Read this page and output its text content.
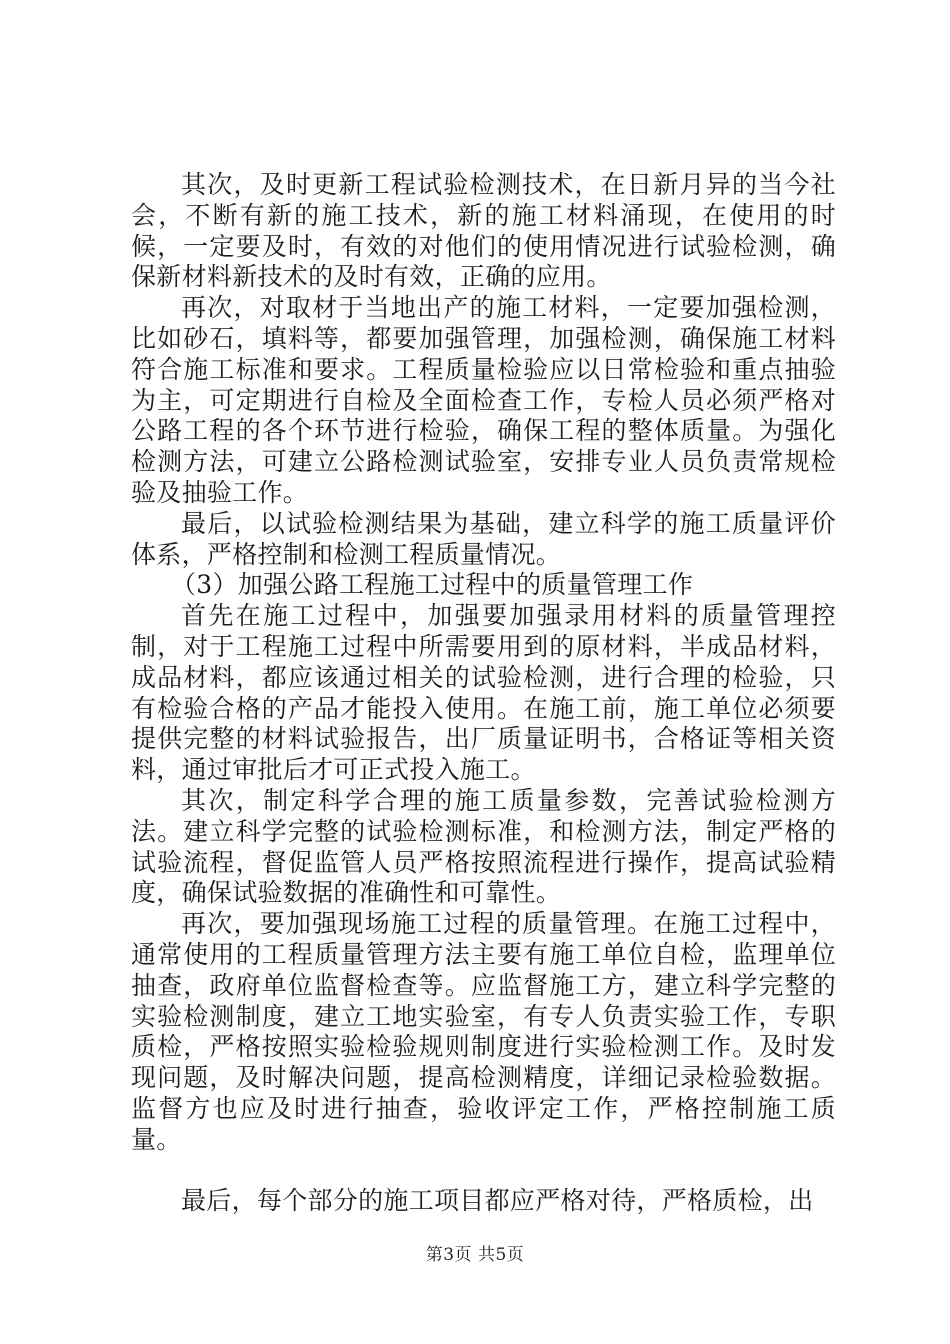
其次，及时更新工程试验检测技术，在日新月异的当今社会，不断有新的施工技术，新的施工材料涌现，在使用的时候，一定要及时，有效的对他们的使用情况进行试验检测，确保新材料新技术的及时有效，正确的应用。

再次，对取材于当地出产的施工材料，一定要加强检测，比如砂石，填料等，都要加强管理，加强检测，确保施工材料符合施工标准和要求。工程质量检验应以日常检验和重点抽验为主，可定期进行自检及全面检查工作，专检人员必须严格对公路工程的各个环节进行检验，确保工程的整体质量。为强化检测方法，可建立公路检测试验室，安排专业人员负责常规检验及抽验工作。

最后，以试验检测结果为基础，建立科学的施工质量评价体系，严格控制和检测工程质量情况。

（3）加强公路工程施工过程中的质量管理工作

首先在施工过程中，加强要加强录用材料的质量管理控制，对于工程施工过程中所需要用到的原材料，半成品材料，成品材料，都应该通过相关的试验检测，进行合理的检验，只有检验合格的产品才能投入使用。在施工前，施工单位必须要提供完整的材料试验报告，出厂质量证明书，合格证等相关资料，通过审批后才可正式投入施工。

其次，制定科学合理的施工质量参数，完善试验检测方法。建立科学完整的试验检测标准，和检测方法，制定严格的试验流程，督促监管人员严格按照流程进行操作，提高试验精度，确保试验数据的准确性和可靠性。

再次，要加强现场施工过程的质量管理。在施工过程中，通常使用的工程质量管理方法主要有施工单位自检，监理单位抽查，政府单位监督检查等。应监督施工方，建立科学完整的实验检测制度，建立工地实验室，有专人负责实验工作，专职质检，严格按照实验检验规则制度进行实验检测工作。及时发现问题，及时解决问题，提高检测精度，详细记录检验数据。监督方也应及时进行抽查，验收评定工作，严格控制施工质量。

最后，每个部分的施工项目都应严格对待，严格质检，出

第3页 共5页
